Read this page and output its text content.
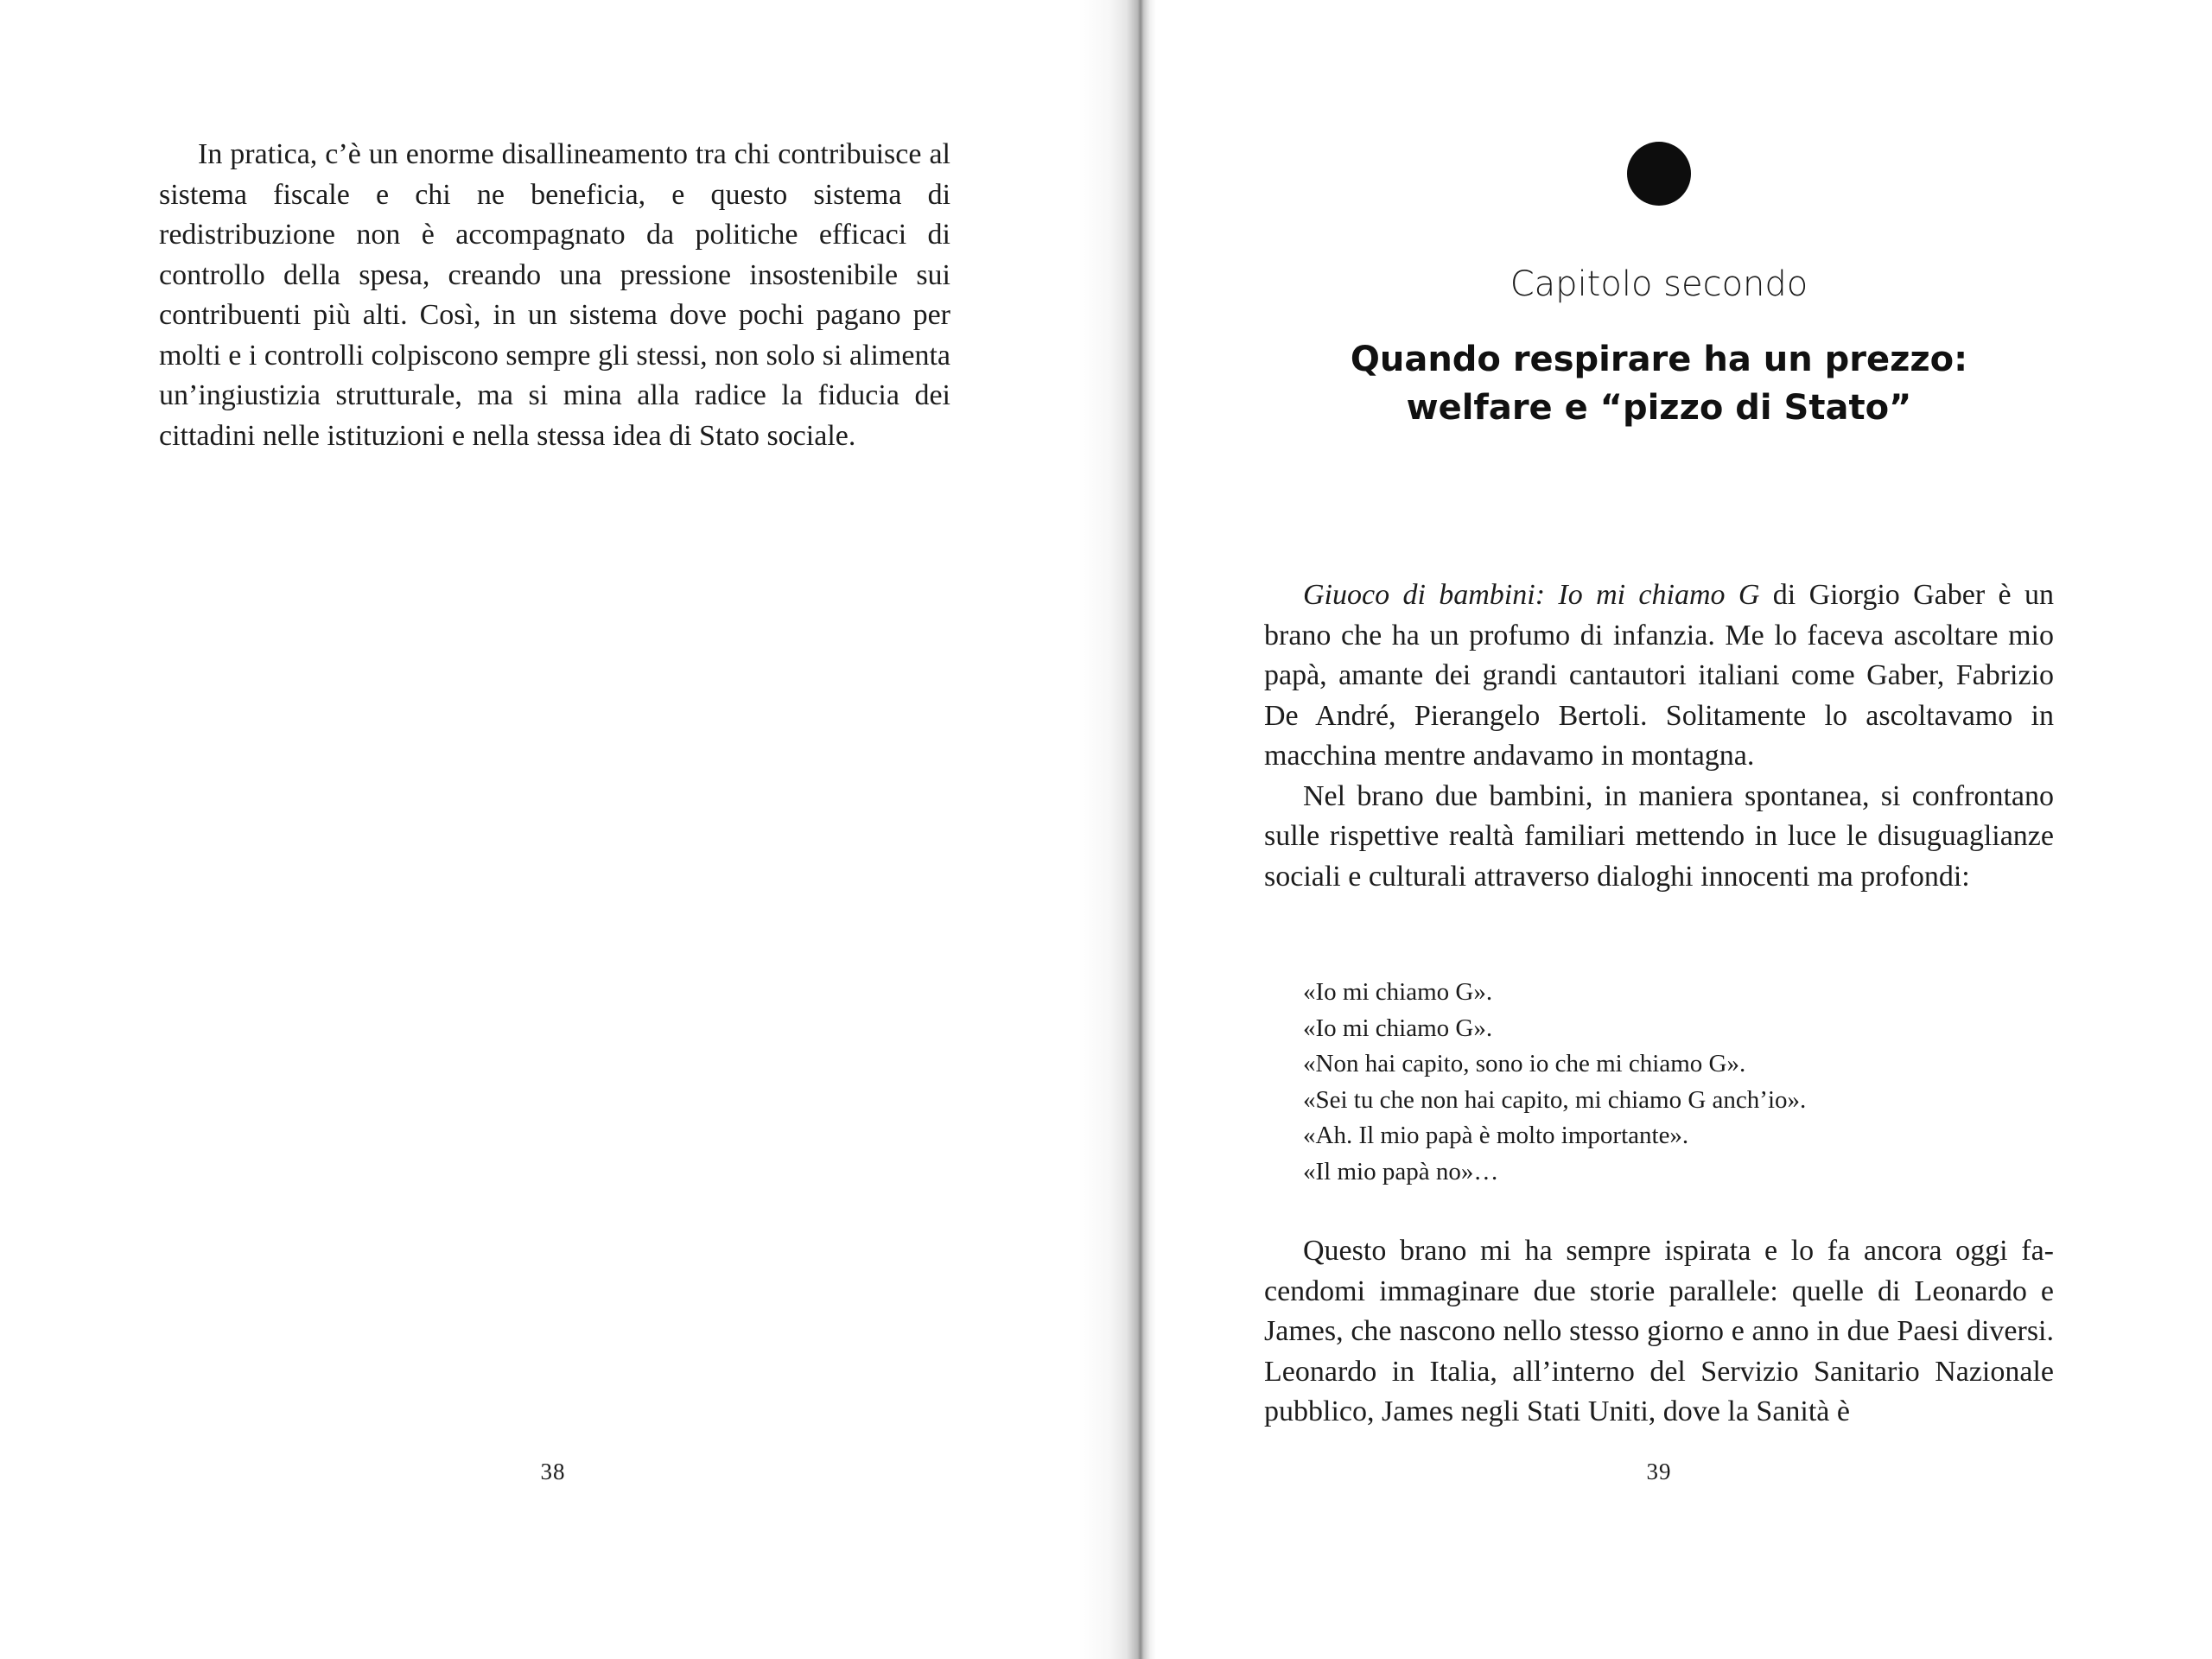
In pratica, c’è un enorme disallineamento tra chi contribuisce al sistema fiscale e chi ne beneficia, e questo sistema di redistribuzione non è accompagnato da politiche efficaci di controllo della spesa, creando una pressione insostenibile sui contribuenti più alti. Così, in un sistema dove pochi pagano per molti e i controlli colpiscono sempre gli stessi, non solo si alimenta un’ingiustizia strutturale, ma si mina alla radice la fiducia dei cittadini nelle istituzioni e nella stessa idea di Stato sociale.

38
Capitolo secondo
Quando respirare ha un prezzo:
welfare e “pizzo di Stato”

Giuoco di bambini: Io mi chiamo G di Giorgio Gaber è un brano che ha un profumo di infanzia. Me lo faceva ascoltare mio papà, amante dei grandi cantautori italiani come Gaber, Fabrizio De André, Pierangelo Bertoli. Solitamente lo ascoltavamo in macchina mentre andavamo in montagna.

Nel brano due bambini, in maniera spontanea, si confrontano sulle rispettive realtà familiari mettendo in luce le disuguaglianze sociali e culturali attraverso dialoghi innocenti ma profondi:

«Io mi chiamo G».
«Io mi chiamo G».
«Non hai capito, sono io che mi chiamo G».
«Sei tu che non hai capito, mi chiamo G anch’io».
«Ah. Il mio papà è molto importante».
«Il mio papà no»…

Questo brano mi ha sempre ispirata e lo fa ancora oggi facendomi immaginare due storie parallele: quelle di Leonardo e James, che nascono nello stesso giorno e anno in due Paesi diversi. Leonardo in Italia, all’interno del Servizio Sanitario Nazionale pubblico, James negli Stati Uniti, dove la Sanità è

39
